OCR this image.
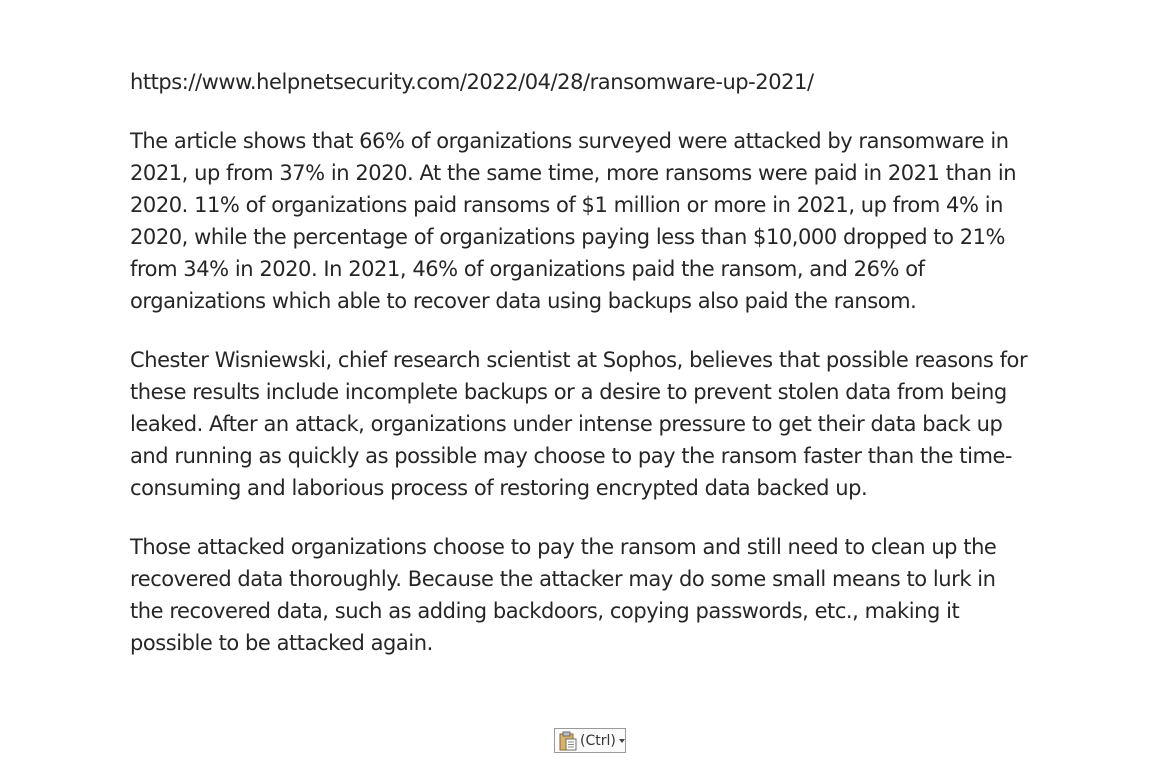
https://www.helpnetsecurity.com/2022/04/28/ransomware-up-2021/

The article shows that 66% of organizations surveyed were attacked by ransomware in 2021, up from 37% in 2020. At the same time, more ransoms were paid in 2021 than in 2020. 11% of organizations paid ransoms of $1 million or more in 2021, up from 4% in 2020, while the percentage of organizations paying less than $10,000 dropped to 21% from 34% in 2020. In 2021, 46% of organizations paid the ransom, and 26% of organizations which able to recover data using backups also paid the ransom.

Chester Wisniewski, chief research scientist at Sophos, believes that possible reasons for these results include incomplete backups or a desire to prevent stolen data from being leaked. After an attack, organizations under intense pressure to get their data back up and running as quickly as possible may choose to pay the ransom faster than the time-consuming and laborious process of restoring encrypted data backed up.

Those attacked organizations choose to pay the ransom and still need to clean up the recovered data thoroughly. Because the attacker may do some small means to lurk in the recovered data, such as adding backdoors, copying passwords, etc., making it possible to be attacked again.

(Ctrl)
